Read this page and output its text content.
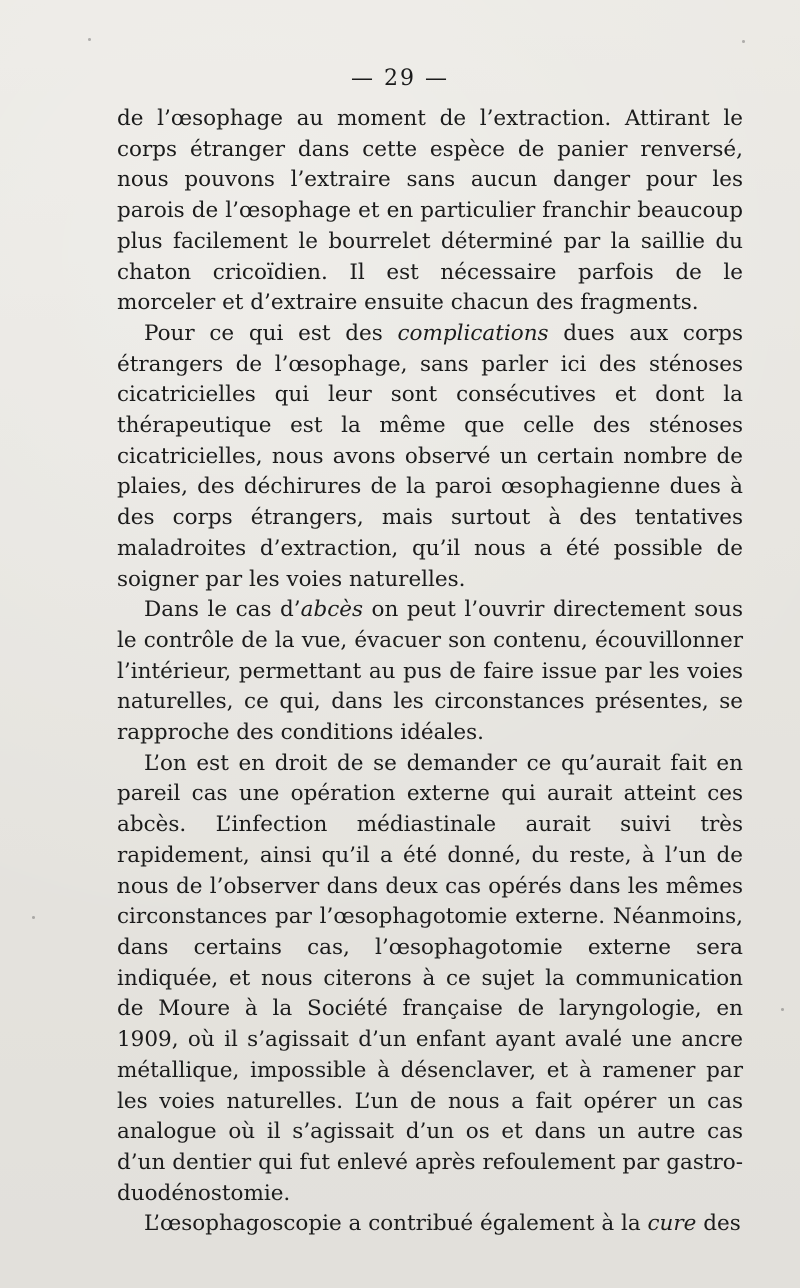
— 29 —

de l’œsophage au moment de l’extraction. Attirant le corps étranger dans cette espèce de panier renversé, nous pouvons l’extraire sans aucun danger pour les parois de l’œsophage et en particulier franchir beaucoup plus facilement le bourrelet déterminé par la saillie du chaton cricoïdien. Il est nécessaire parfois de le morceler et d’extraire ensuite chacun des fragments.

Pour ce qui est des complications dues aux corps étrangers de l’œsophage, sans parler ici des sténoses cicatricielles qui leur sont consécutives et dont la thérapeutique est la même que celle des sténoses cicatricielles, nous avons observé un certain nombre de plaies, des déchirures de la paroi œsophagienne dues à des corps étrangers, mais surtout à des tentatives maladroites d’extraction, qu’il nous a été possible de soigner par les voies naturelles.

Dans le cas d’abcès on peut l’ouvrir directement sous le contrôle de la vue, évacuer son contenu, écouvillonner l’intérieur, permettant au pus de faire issue par les voies naturelles, ce qui, dans les circonstances présentes, se rapproche des conditions idéales.

L’on est en droit de se demander ce qu’aurait fait en pareil cas une opération externe qui aurait atteint ces abcès. L’infection médiastinale aurait suivi très rapidement, ainsi qu’il a été donné, du reste, à l’un de nous de l’observer dans deux cas opérés dans les mêmes circonstances par l’œsophagotomie externe. Néanmoins, dans certains cas, l’œsophagotomie externe sera indiquée, et nous citerons à ce sujet la communication de Moure à la Société française de laryngologie, en 1909, où il s’agissait d’un enfant ayant avalé une ancre métallique, impossible à désenclaver, et à ramener par les voies naturelles. L’un de nous a fait opérer un cas analogue où il s’agissait d’un os et dans un autre cas d’un dentier qui fut enlevé après refoulement par gastro-duodénostomie.

L’œsophagoscopie a contribué également à la cure des
